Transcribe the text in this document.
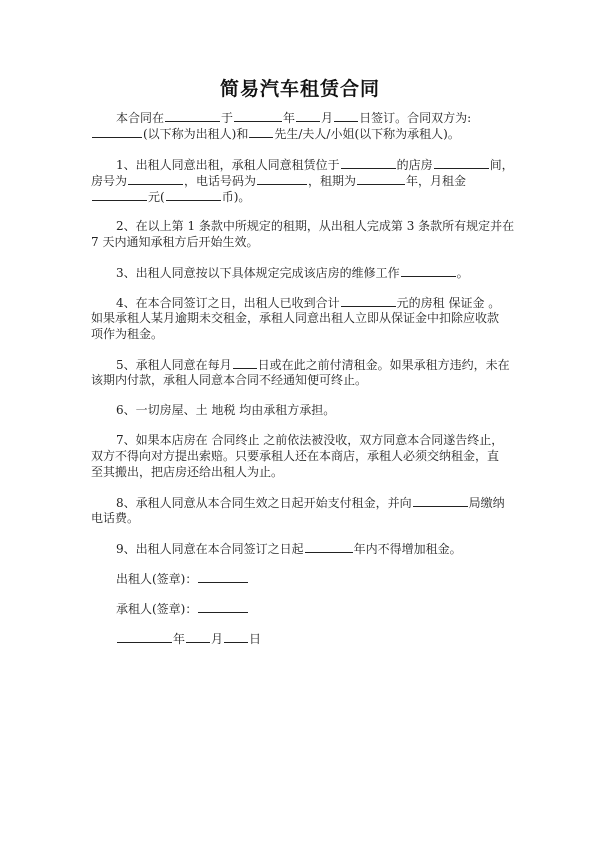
简易汽车租赁合同
本合同在	于	年 月 日签订。合同双方为:
(以下称为出租人)和 先生/夫人/小姐(以下称为承租人)。
1、出租人同意出租，承租人同意租赁位于	的店房	间，
房号为	，电话号码为	，租期为	年，月租金
元(	币)。
2、在以上第 1 条款中所规定的租期，从出租人完成第 3 条款所有规定并在
7 天内通知承租方后开始生效。
3、出租人同意按以下具体规定完成该店房的维修工作	。
4、在本合同签订之日，出租人已收到合计	元的房租 保证金 。
如果承租人某月逾期未交租金，承租人同意出租人立即从保证金中扣除应收款
项作为租金。
5、承租人同意在每月 日或在此之前付清租金。如果承租方违约，未在
该期内付款，承租人同意本合同不经通知便可终止。
6、一切房屋、土 地税 均由承租方承担。
7、如果本店房在 合同终止 之前依法被没收，双方同意本合同遂告终止，
双方不得向对方提出索赔。只要承租人还在本商店，承租人必须交纳租金，直
至其搬出，把店房还给出租人为止。
8、承租人同意从本合同生效之日起开始支付租金，并向	局缴纳
电话费。
9、出租人同意在本合同签订之日起	年内不得增加租金。
出租人(签章)：
承租人(签章)：
年 月 日
